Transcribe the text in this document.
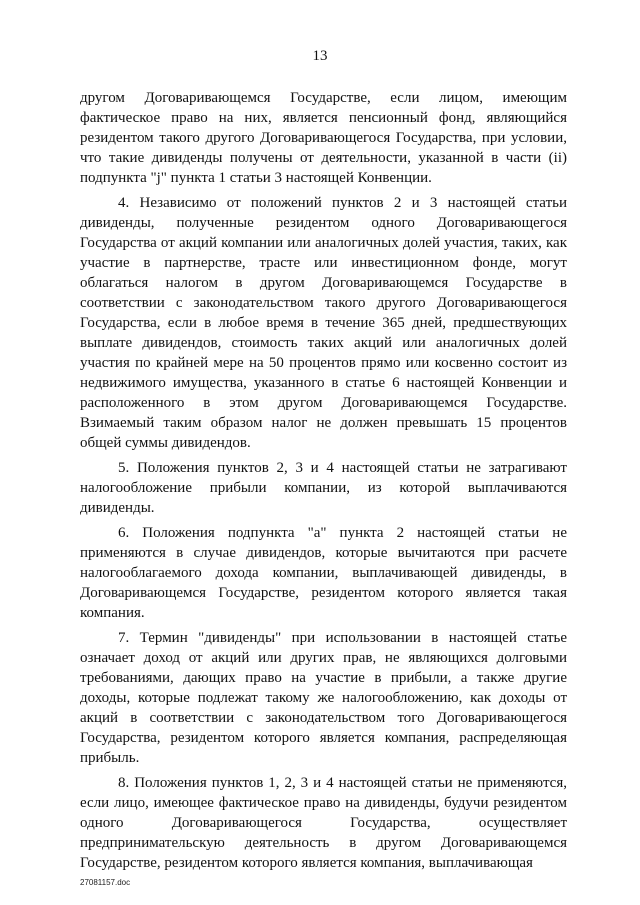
13

другом Договаривающемся Государстве, если лицом, имеющим фактическое право на них, является пенсионный фонд, являющийся резидентом такого другого Договаривающегося Государства, при условии, что такие дивиденды получены от деятельности, указанной в части (ii) подпункта "j" пункта 1 статьи 3 настоящей Конвенции.

4. Независимо от положений пунктов 2 и 3 настоящей статьи дивиденды, полученные резидентом одного Договаривающегося Государства от акций компании или аналогичных долей участия, таких, как участие в партнерстве, трасте или инвестиционном фонде, могут облагаться налогом в другом Договаривающемся Государстве в соответствии с законодательством такого другого Договаривающегося Государства, если в любое время в течение 365 дней, предшествующих выплате дивидендов, стоимость таких акций или аналогичных долей участия по крайней мере на 50 процентов прямо или косвенно состоит из недвижимого имущества, указанного в статье 6 настоящей Конвенции и расположенного в этом другом Договаривающемся Государстве. Взимаемый таким образом налог не должен превышать 15 процентов общей суммы дивидендов.

5. Положения пунктов 2, 3 и 4 настоящей статьи не затрагивают налогообложение прибыли компании, из которой выплачиваются дивиденды.

6. Положения подпункта "a" пункта 2 настоящей статьи не применяются в случае дивидендов, которые вычитаются при расчете налогооблагаемого дохода компании, выплачивающей дивиденды, в Договаривающемся Государстве, резидентом которого является такая компания.

7. Термин "дивиденды" при использовании в настоящей статье означает доход от акций или других прав, не являющихся долговыми требованиями, дающих право на участие в прибыли, а также другие доходы, которые подлежат такому же налогообложению, как доходы от акций в соответствии с законодательством того Договаривающегося Государства, резидентом которого является компания, распределяющая прибыль.

8. Положения пунктов 1, 2, 3 и 4 настоящей статьи не применяются, если лицо, имеющее фактическое право на дивиденды, будучи резидентом одного Договаривающегося Государства, осуществляет предпринимательскую деятельность в другом Договаривающемся Государстве, резидентом которого является компания, выплачивающая

27081157.doc
